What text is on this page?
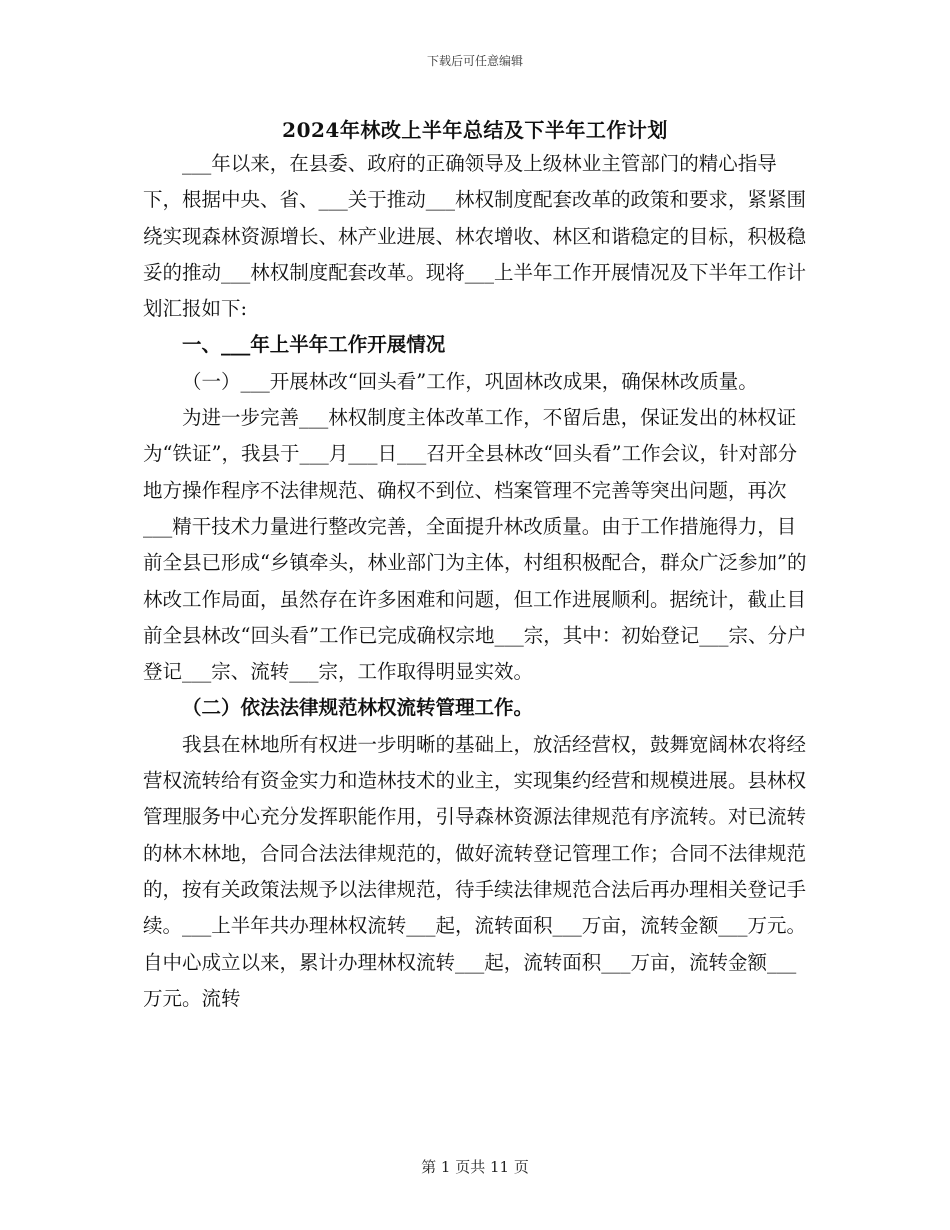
下载后可任意编辑
2024年林改上半年总结及下半年工作计划

___年以来，在县委、政府的正确领导及上级林业主管部门的精心指导下，根据中央、省、___关于推动___林权制度配套改革的政策和要求，紧紧围绕实现森林资源增长、林产业进展、林农增收、林区和谐稳定的目标，积极稳妥的推动___林权制度配套改革。现将___上半年工作开展情况及下半年工作计划汇报如下:

一、___年上半年工作开展情况

（一）___开展林改“回头看”工作，巩固林改成果，确保林改质量。

为进一步完善___林权制度主体改革工作，不留后患，保证发出的林权证为“铁证”，我县于___月___日___召开全县林改“回头看”工作会议，针对部分地方操作程序不法律规范、确权不到位、档案管理不完善等突出问题，再次___精干技术力量进行整改完善，全面提升林改质量。由于工作措施得力，目前全县已形成“乡镇牵头，林业部门为主体，村组积极配合，群众广泛参加”的林改工作局面，虽然存在许多困难和问题，但工作进展顺利。据统计，截止目前全县林改“回头看”工作已完成确权宗地___宗，其中：初始登记___宗、分户登记___宗、流转___宗，工作取得明显实效。

（二）依法法律规范林权流转管理工作。

我县在林地所有权进一步明晰的基础上，放活经营权，鼓舞宽阔林农将经营权流转给有资金实力和造林技术的业主，实现集约经营和规模进展。县林权管理服务中心充分发挥职能作用，引导森林资源法律规范有序流转。对已流转的林木林地，合同合法法律规范的，做好流转登记管理工作；合同不法律规范的，按有关政策法规予以法律规范，待手续法律规范合法后再办理相关登记手续。___上半年共办理林权流转___起，流转面积___万亩，流转金额___万元。自中心成立以来，累计办理林权流转___起，流转面积___万亩，流转金额___万元。流转

第 1 页共 11 页
